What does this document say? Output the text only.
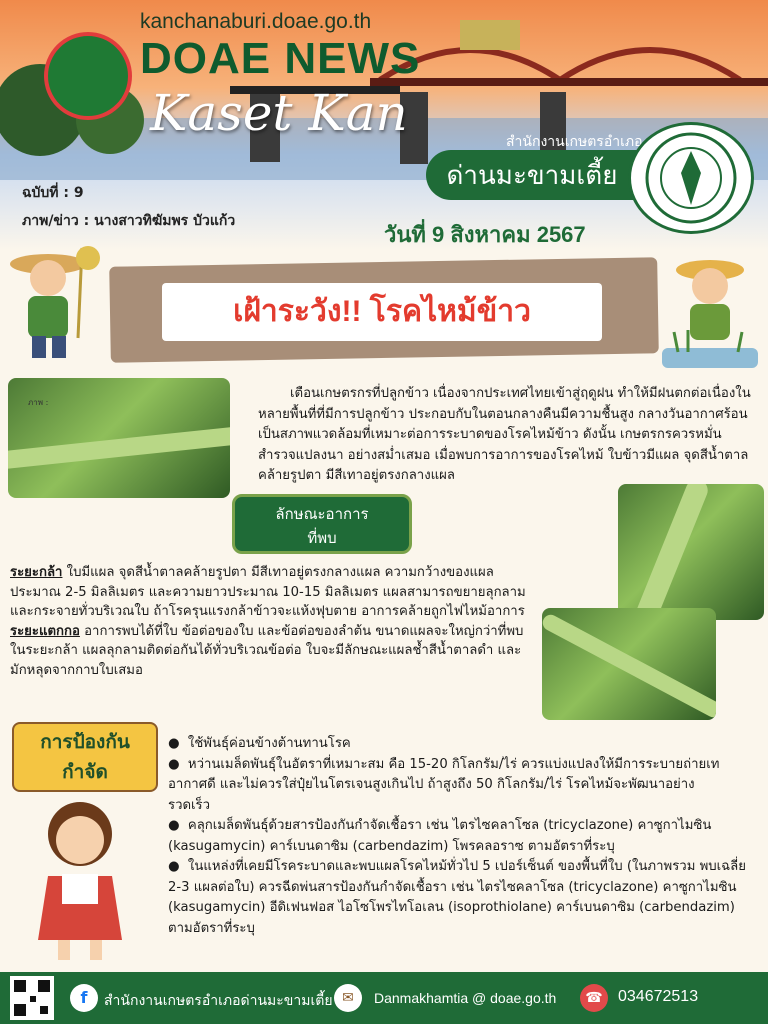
kanchanaburi.doae.go.th
DOAE NEWS
Kaset Kan	สำนักงานเกษตรอำเภอ
ด่านมะขามเตี้ย
ฉบับที่ : 9
ภาพ/ข่าว : นางสาวทิฆัมพร บัวแก้ว
วันที่ 9 สิงหาคม 2567
เฝ้าระวัง!! โรคไหม้ข้าว
ภาพ :
เตือนเกษตรกรที่ปลูกข้าว เนื่องจากประเทศไทยเข้าสู่ฤดูฝน ทำให้มีฝนตกต่อเนื่องในหลายพื้นที่ที่มีการปลูกข้าว ประกอบกับในตอนกลางคืนมีความชื้นสูง กลางวันอากาศร้อนเป็นสภาพแวดล้อมที่เหมาะต่อการระบาดของโรคไหม้ข้าว ดังนั้น เกษตรกรควรหมั่นสำรวจแปลงนา อย่างสม่ำเสมอ เมื่อพบการอาการของโรคไหม้ ใบข้าวมีแผล จุดสีน้ำตาลคล้ายรูปตา มีสีเทาอยู่ตรงกลางแผล
ลักษณะอาการ
ที่พบ
ระยะกล้า ใบมีแผล จุดสีน้ำตาลคล้ายรูปตา มีสีเทาอยู่ตรงกลางแผล ความกว้างของแผลประมาณ 2-5 มิลลิเมตร และความยาวประมาณ 10-15 มิลลิเมตร แผลสามารถขยายลุกลามและกระจายทั่วบริเวณใบ ถ้าโรครุนแรงกล้าข้าวจะแห้งฟุบตาย อาการคล้ายถูกไฟไหม้อาการ
ระยะแตกกอ อาการพบได้ที่ใบ ข้อต่อของใบ และข้อต่อของลำต้น ขนาดแผลจะใหญ่กว่าที่พบในระยะกล้า แผลลุกลามติดต่อกันได้ทั่วบริเวณข้อต่อ ใบจะมีลักษณะแผลช้ำสีน้ำตาลดำ และมักหลุดจากกาบใบเสมอ
การป้องกัน
กำจัด
●  ใช้พันธุ์ค่อนข้างต้านทานโรค
●  หว่านเมล็ดพันธุ์ในอัตราที่เหมาะสม คือ 15-20 กิโลกรัม/ไร่ ควรแบ่งแปลงให้มีการระบายถ่ายเทอากาศดี และไม่ควรใส่ปุ๋ยไนโตรเจนสูงเกินไป ถ้าสูงถึง 50 กิโลกรัม/ไร่ โรคไหม้จะพัฒนาอย่าง
รวดเร็ว
●  คลุกเมล็ดพันธุ์ด้วยสารป้องกันกำจัดเชื้อรา เช่น ไตรไซคลาโซล (tricyclazone) คาซูกาไมซิน (kasugamycin) คาร์เบนดาซิม (carbendazim) โพรคลอราซ ตามอัตราที่ระบุ
●  ในแหล่งที่เคยมีโรคระบาดและพบแผลโรคไหม้ทั่วไป 5 เปอร์เซ็นต์ ของพื้นที่ใบ (ในภาพรวม พบเฉลี่ย 2-3 แผลต่อใบ) ควรฉีดพ่นสารป้องกันกำจัดเชื้อรา เช่น ไตรไซคลาโซล (tricyclazone) คาซูกาไมซิน (kasugamycin) อีดิเฟนฟอส ไอโซโพรไทโอเลน (isoprothiolane) คาร์เบนดาซิม (carbendazim) ตามอัตราที่ระบุ
f	สำนักงานเกษตรอำเภอด่านมะขามเตี้ย ✉	Danmakhamtia @ doae.go.th	☎ 034672513
